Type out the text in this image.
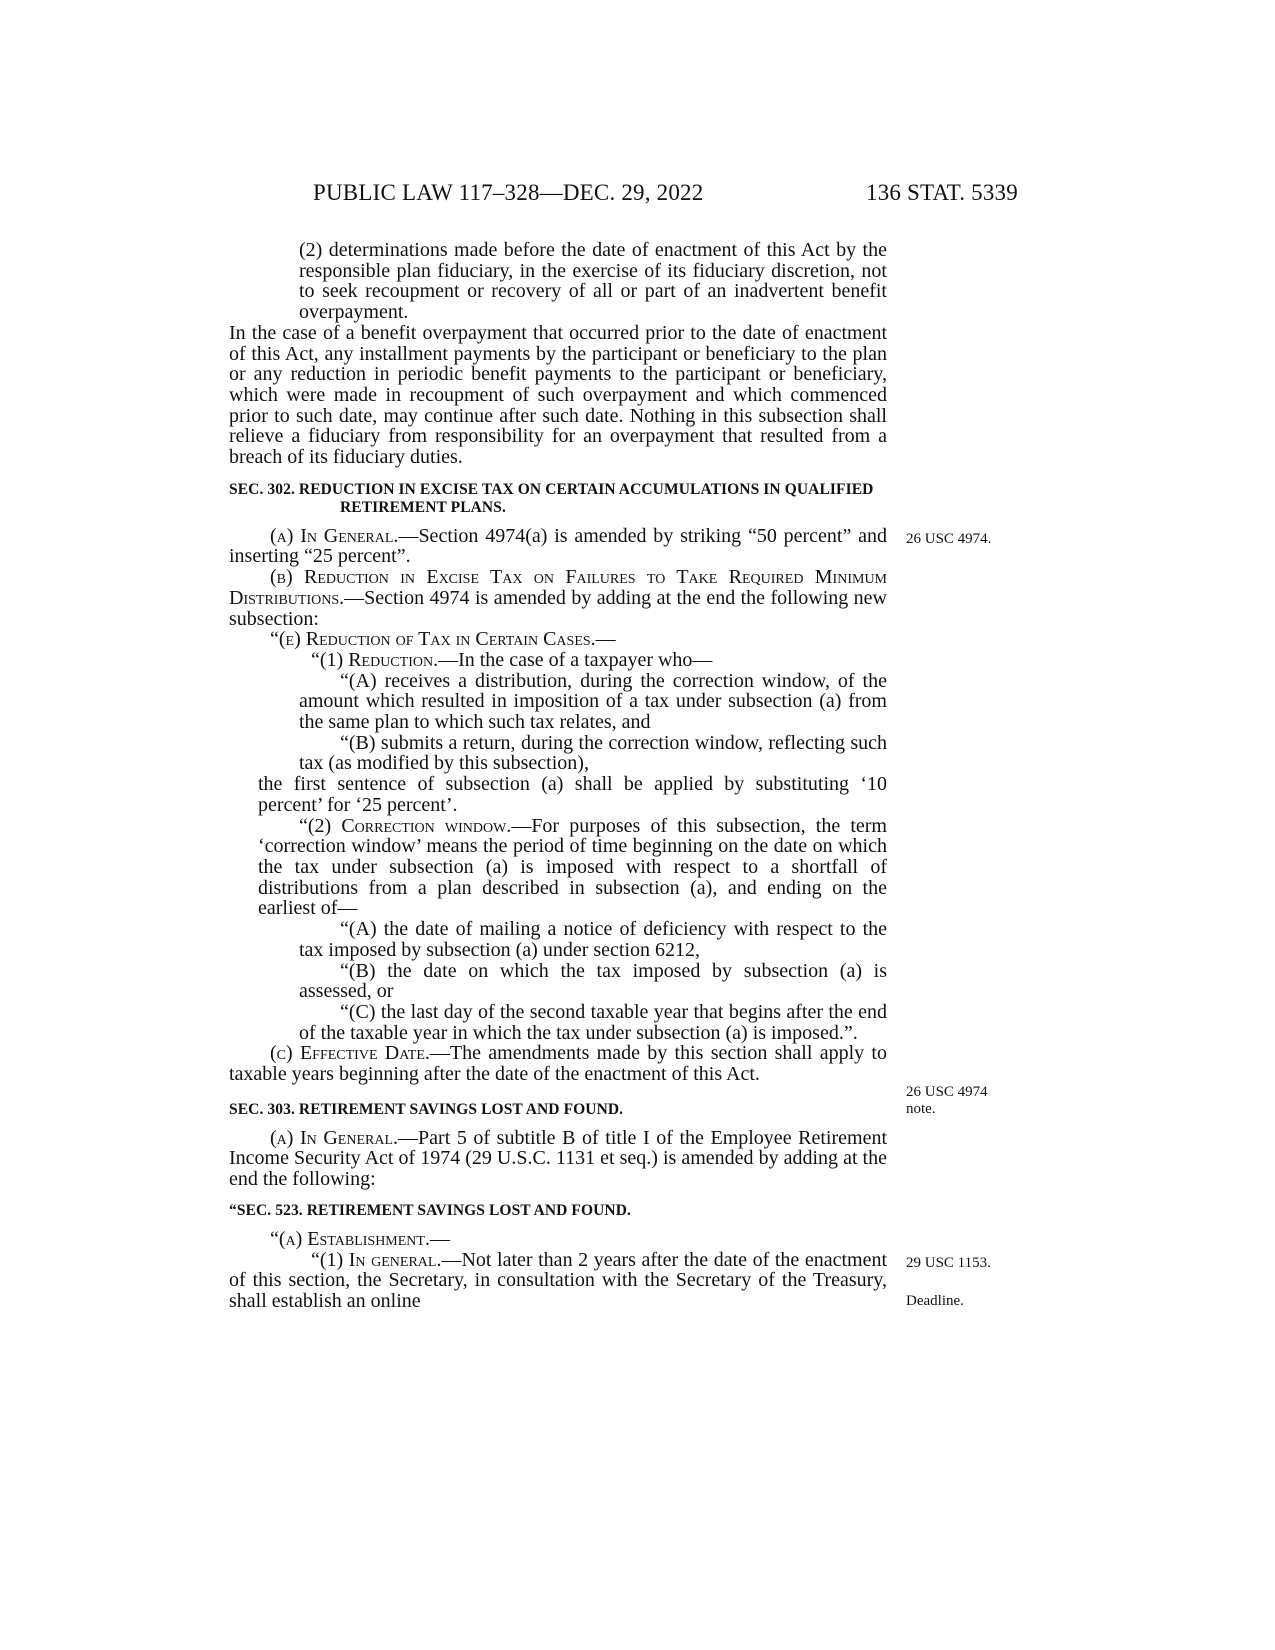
PUBLIC LAW 117–328—DEC. 29, 2022	136 STAT. 5339

(2) determinations made before the date of enactment of this Act by the responsible plan fiduciary, in the exercise of its fiduciary discretion, not to seek recoupment or recovery of all or part of an inadvertent benefit overpayment.

In the case of a benefit overpayment that occurred prior to the date of enactment of this Act, any installment payments by the participant or beneficiary to the plan or any reduction in periodic benefit payments to the participant or beneficiary, which were made in recoupment of such overpayment and which commenced prior to such date, may continue after such date. Nothing in this subsection shall relieve a fiduciary from responsibility for an overpayment that resulted from a breach of its fiduciary duties.

SEC. 302. REDUCTION IN EXCISE TAX ON CERTAIN ACCUMULATIONS IN QUALIFIED RETIREMENT PLANS.

(a) In General.—Section 4974(a) is amended by striking “50 percent” and inserting “25 percent”.

(b) Reduction in Excise Tax on Failures to Take Required Minimum Distributions.—Section 4974 is amended by adding at the end the following new subsection:

“(e) Reduction of Tax in Certain Cases.—

“(1) Reduction.—In the case of a taxpayer who—

“(A) receives a distribution, during the correction window, of the amount which resulted in imposition of a tax under subsection (a) from the same plan to which such tax relates, and

“(B) submits a return, during the correction window, reflecting such tax (as modified by this subsection),

the first sentence of subsection (a) shall be applied by substituting ‘10 percent’ for ‘25 percent’.

“(2) Correction window.—For purposes of this subsection, the term ‘correction window’ means the period of time beginning on the date on which the tax under subsection (a) is imposed with respect to a shortfall of distributions from a plan described in subsection (a), and ending on the earliest of—

“(A) the date of mailing a notice of deficiency with respect to the tax imposed by subsection (a) under section 6212,

“(B) the date on which the tax imposed by subsection (a) is assessed, or

“(C) the last day of the second taxable year that begins after the end of the taxable year in which the tax under subsection (a) is imposed.”.

(c) Effective Date.—The amendments made by this section shall apply to taxable years beginning after the date of the enactment of this Act.

SEC. 303. RETIREMENT SAVINGS LOST AND FOUND.

(a) In General.—Part 5 of subtitle B of title I of the Employee Retirement Income Security Act of 1974 (29 U.S.C. 1131 et seq.) is amended by adding at the end the following:

“SEC. 523. RETIREMENT SAVINGS LOST AND FOUND.

“(a) Establishment.—

“(1) In general.—Not later than 2 years after the date of the enactment of this section, the Secretary, in consultation with the Secretary of the Treasury, shall establish an online

26 USC 4974.
26 USC 4974
note.
29 USC 1153.
Deadline.
